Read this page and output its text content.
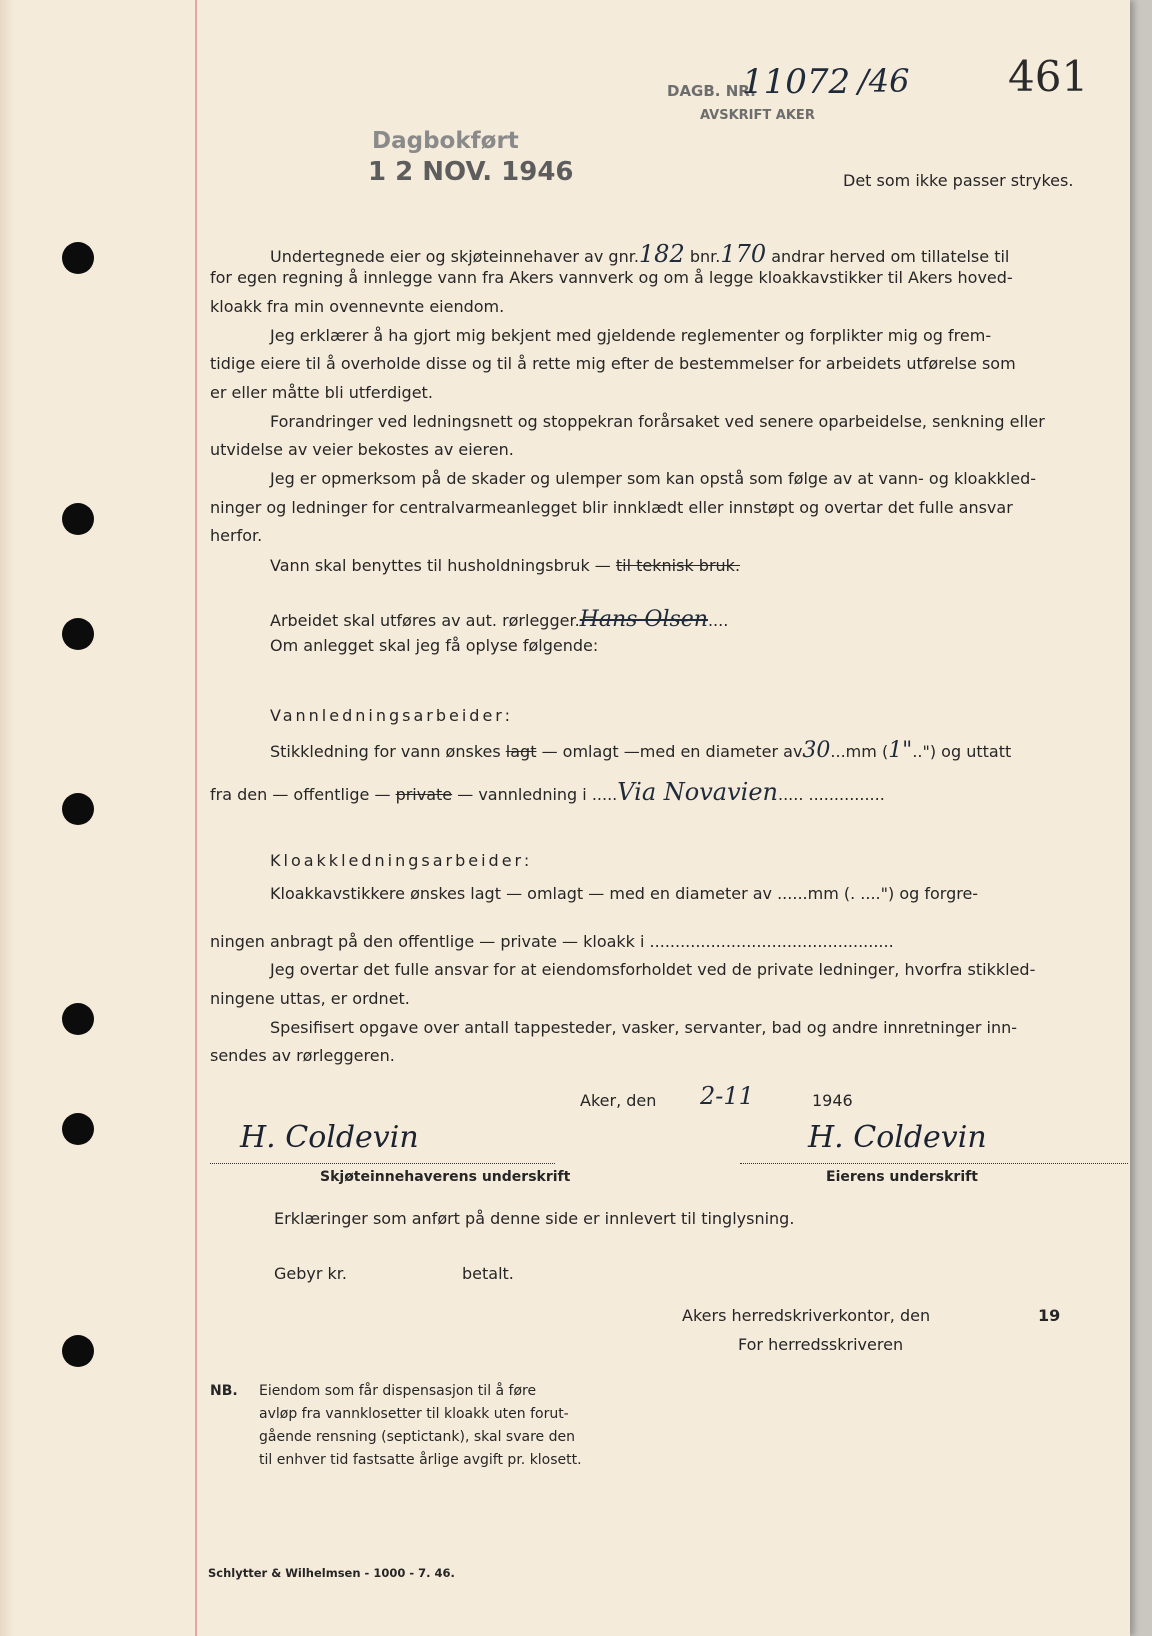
DAGB. NR.
11072 /46
AVSKRIFT AKER
461
Dagbokført
1 2 NOV. 1946	Det som ikke passer strykes.
Undertegnede eier og skjøteinnehaver av gnr.182 bnr.170 andrar herved om tillatelse til
for egen regning å innlegge vann fra Akers vannverk og om å legge kloakkavstikker til Akers hoved-
kloakk fra min ovennevnte eiendom.
Jeg erklærer å ha gjort mig bekjent med gjeldende reglementer og forplikter mig og frem-
tidige eiere til å overholde disse og til å rette mig efter de bestemmelser for arbeidets utførelse som
er eller måtte bli utferdiget.
Forandringer ved ledningsnett og stoppekran forårsaket ved senere oparbeidelse, senkning eller
utvidelse av veier bekostes av eieren.
Jeg er opmerksom på de skader og ulemper som kan opstå som følge av at vann- og kloakkled-
ninger og ledninger for centralvarmeanlegget blir innklædt eller innstøpt og overtar det fulle ansvar
herfor.
Vann skal benyttes til husholdningsbruk — til teknisk bruk.
Arbeidet skal utføres av aut. rørlegger.Hans Olsen....
Om anlegget skal jeg få oplyse følgende:
Vannledningsarbeider:
Stikkledning for vann ønskes lagt — omlagt —med en diameter av30...mm (1"..") og uttatt
fra den — offentlige — private — vannledning i .....Via Novavien..... ...............
Kloakkledningsarbeider:
Kloakkavstikkere ønskes lagt — omlagt — med en diameter av ......mm (. ....") og forgre-
ningen anbragt på den offentlige — private — kloakk i ................................................
Jeg overtar det fulle ansvar for at eiendomsforholdet ved de private ledninger, hvorfra stikkled-
ningene uttas, er ordnet.
Spesifisert opgave over antall tappesteder, vasker, servanter, bad og andre innretninger inn-
sendes av rørleggeren.
Aker, den 2-11	1946
H. Coldevin
Skjøteinnehaverens underskrift
H. Coldevin
Eierens underskrift
Erklæringer som anført på denne side er innlevert til tinglysning.
Gebyr kr.	betalt.
Akers herredskriverkontor, den	19
For herredsskriveren
NB. Eiendom som får dispensasjon til å føre
avløp fra vannklosetter til kloakk uten forut-
gående rensning (septictank), skal svare den
til enhver tid fastsatte årlige avgift pr. klosett.
Schlytter & Wilhelmsen - 1000 - 7. 46.
